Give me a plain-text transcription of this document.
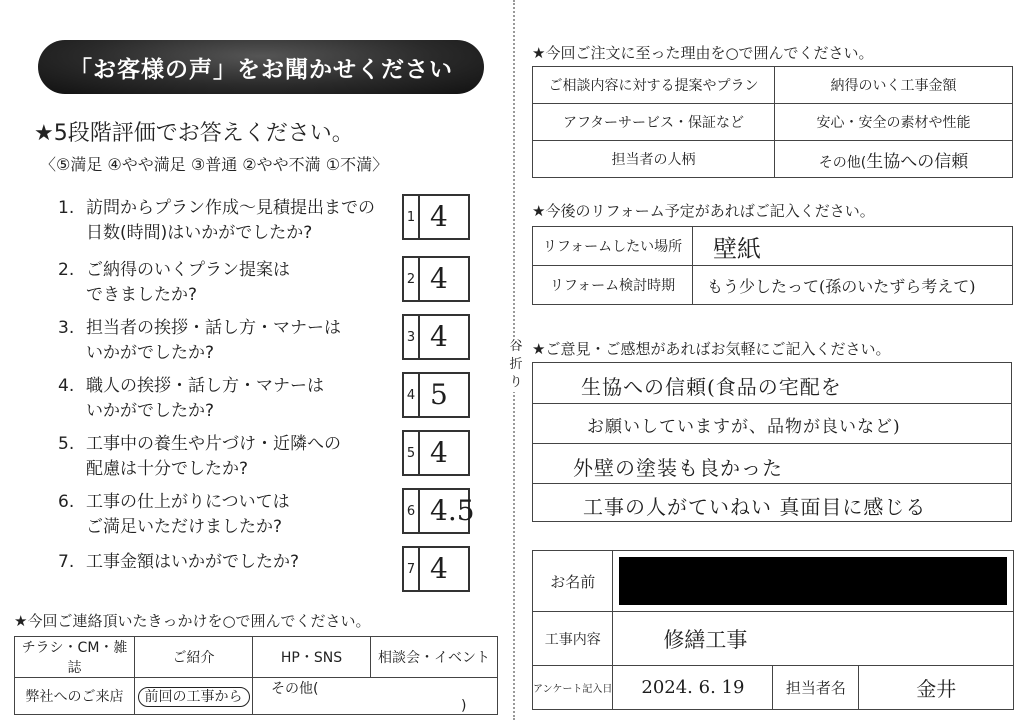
谷折り
「お客様の声」をお聞かせください
★5段階評価でお答えください。
〈⑤満足 ④やや満足 ③普通 ②やや不満 ①不満〉
1. 訪問からプラン作成〜見積提出までの
日数(時間)はいかがでしたか?
1 4
2. ご納得のいくプラン提案は
できましたか?
2 4
3. 担当者の挨拶・話し方・マナーは
いかがでしたか?
3 4
4. 職人の挨拶・話し方・マナーは
いかがでしたか?
4 5
5. 工事中の養生や片づけ・近隣への
配慮は十分でしたか?
5 4
6. 工事の仕上がりについては
ご満足いただけましたか?
6 4.5
7. 工事金額はいかがでしたか?	7 4
★今回ご連絡頂いたきっかけを○で囲んでください。
チラシ・CM・雑誌	ご紹介	HP・SNS	相談会・イベント
弊社へのご来店	前回の工事から	その他()	
★今回ご注文に至った理由を○で囲んでください。
ご相談内容に対する提案やプラン	納得のいく工事金額
アフターサービス・保証など	安心・安全の素材や性能
担当者の人柄	その他(生協への信頼
★今後のリフォーム予定があればご記入ください。
リフォームしたい場所	壁紙
リフォーム検討時期	もう少したって(孫のいたずら考えて)
★ご意見・ご感想があればお気軽にご記入ください。
生協への信頼(食品の宅配を
お願いしていますが、品物が良いなど)
外壁の塗装も良かった
工事の人がていねい 真面目に感じる
お名前			

工事内容	修繕工事		
アンケート記入日	2024. 6. 19	担当者名	金井
